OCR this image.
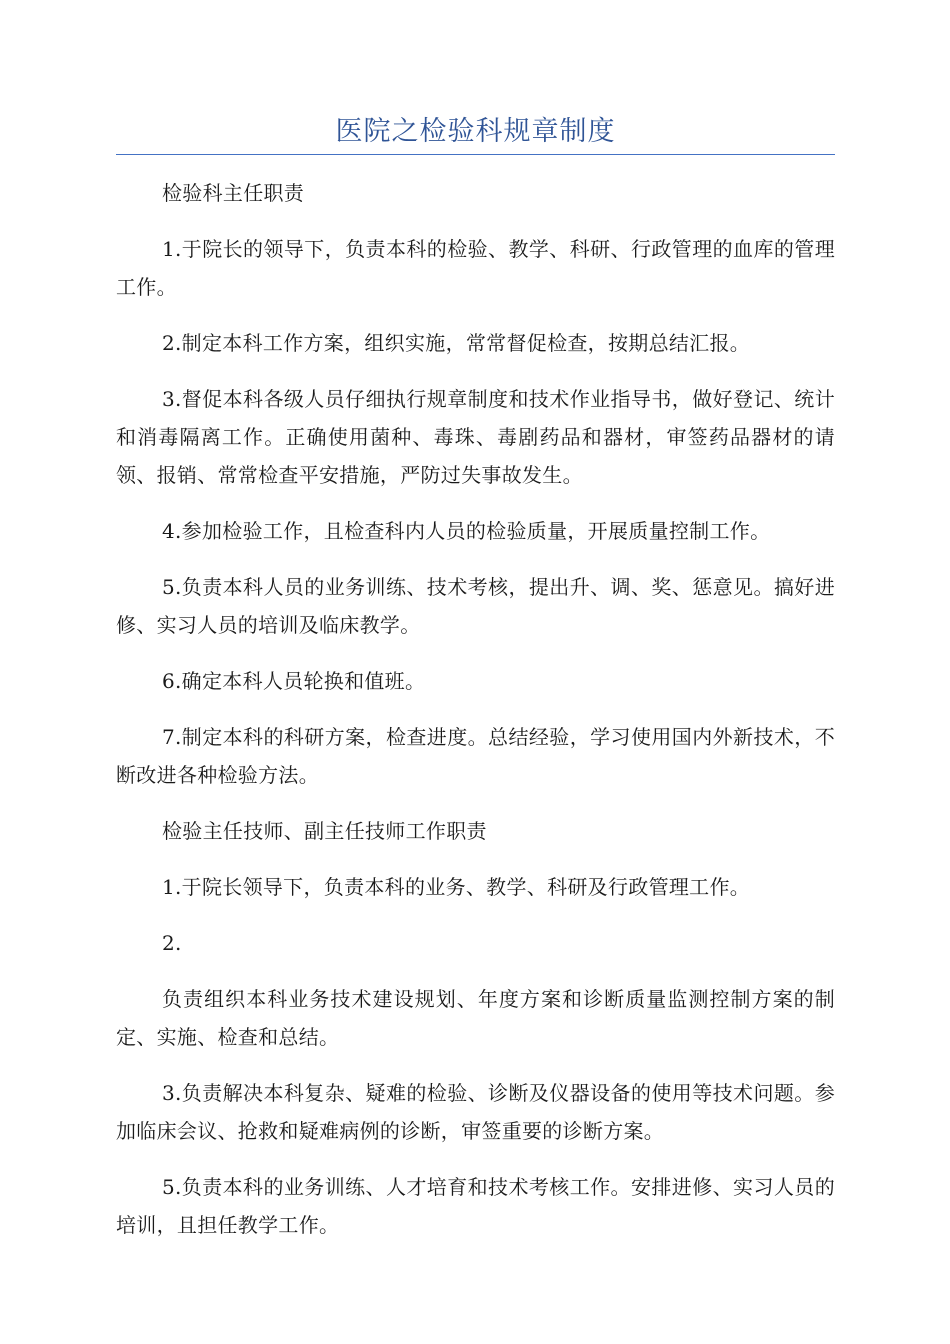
医院之检验科规章制度

检验科主任职责

1.于院长的领导下，负责本科的检验、教学、科研、行政管理的血库的管理工作。

2.制定本科工作方案，组织实施，常常督促检查，按期总结汇报。

3.督促本科各级人员仔细执行规章制度和技术作业指导书，做好登记、统计和消毒隔离工作。正确使用菌种、毒珠、毒剧药品和器材，审签药品器材的请领、报销、常常检查平安措施，严防过失事故发生。

4.参加检验工作，且检查科内人员的检验质量，开展质量控制工作。

5.负责本科人员的业务训练、技术考核，提出升、调、奖、惩意见。搞好进修、实习人员的培训及临床教学。

6.确定本科人员轮换和值班。

7.制定本科的科研方案，检查进度。总结经验，学习使用国内外新技术，不断改进各种检验方法。

检验主任技师、副主任技师工作职责

1.于院长领导下，负责本科的业务、教学、科研及行政管理工作。

2.

负责组织本科业务技术建设规划、年度方案和诊断质量监测控制方案的制定、实施、检查和总结。

3.负责解决本科复杂、疑难的检验、诊断及仪器设备的使用等技术问题。参加临床会议、抢救和疑难病例的诊断，审签重要的诊断方案。

5.负责本科的业务训练、人才培育和技术考核工作。安排进修、实习人员的培训，且担任教学工作。
